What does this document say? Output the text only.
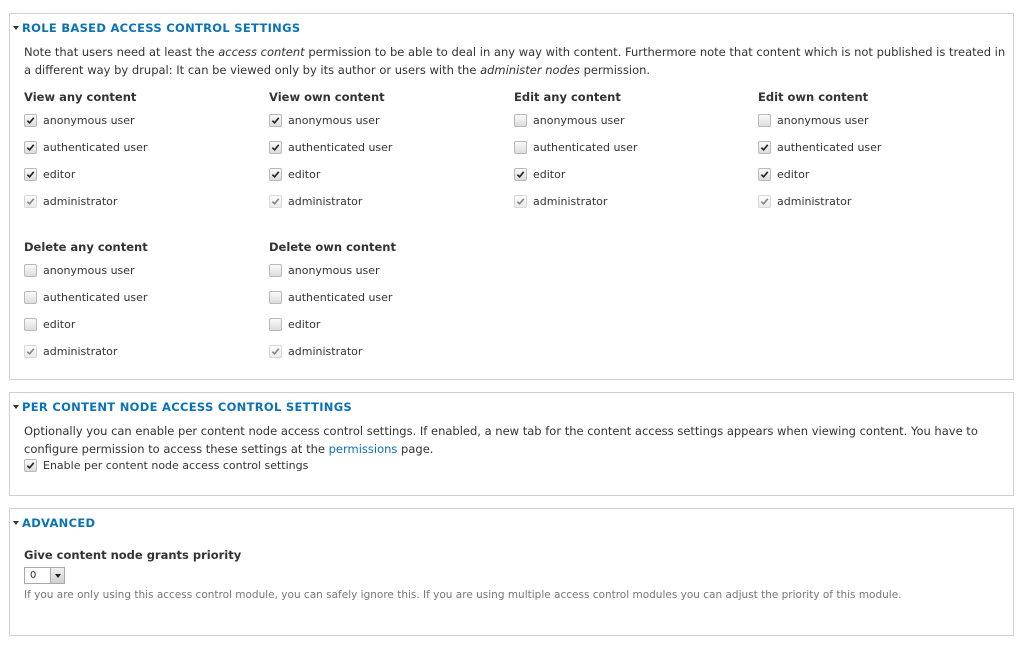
ROLE BASED ACCESS CONTROL SETTINGS
Note that users need at least the access content permission to be able to deal in any way with content. Furthermore note that content which is not published is treated in a different way by drupal: It can be viewed only by its author or users with the administer nodes permission.
View any content
anonymous user
authenticated user
editor
administrator
View own content
anonymous user
authenticated user
editor
administrator
Edit any content
anonymous user
authenticated user
editor
administrator
Edit own content
anonymous user
authenticated user
editor
administrator
Delete any content
anonymous user
authenticated user
editor
administrator
Delete own content
anonymous user
authenticated user
editor
administrator
PER CONTENT NODE ACCESS CONTROL SETTINGS
Optionally you can enable per content node access control settings. If enabled, a new tab for the content access settings appears when viewing content. You have to configure permission to access these settings at the permissions page.
Enable per content node access control settings
ADVANCED
Give content node grants priority
0
If you are only using this access control module, you can safely ignore this. If you are using multiple access control modules you can adjust the priority of this module.
